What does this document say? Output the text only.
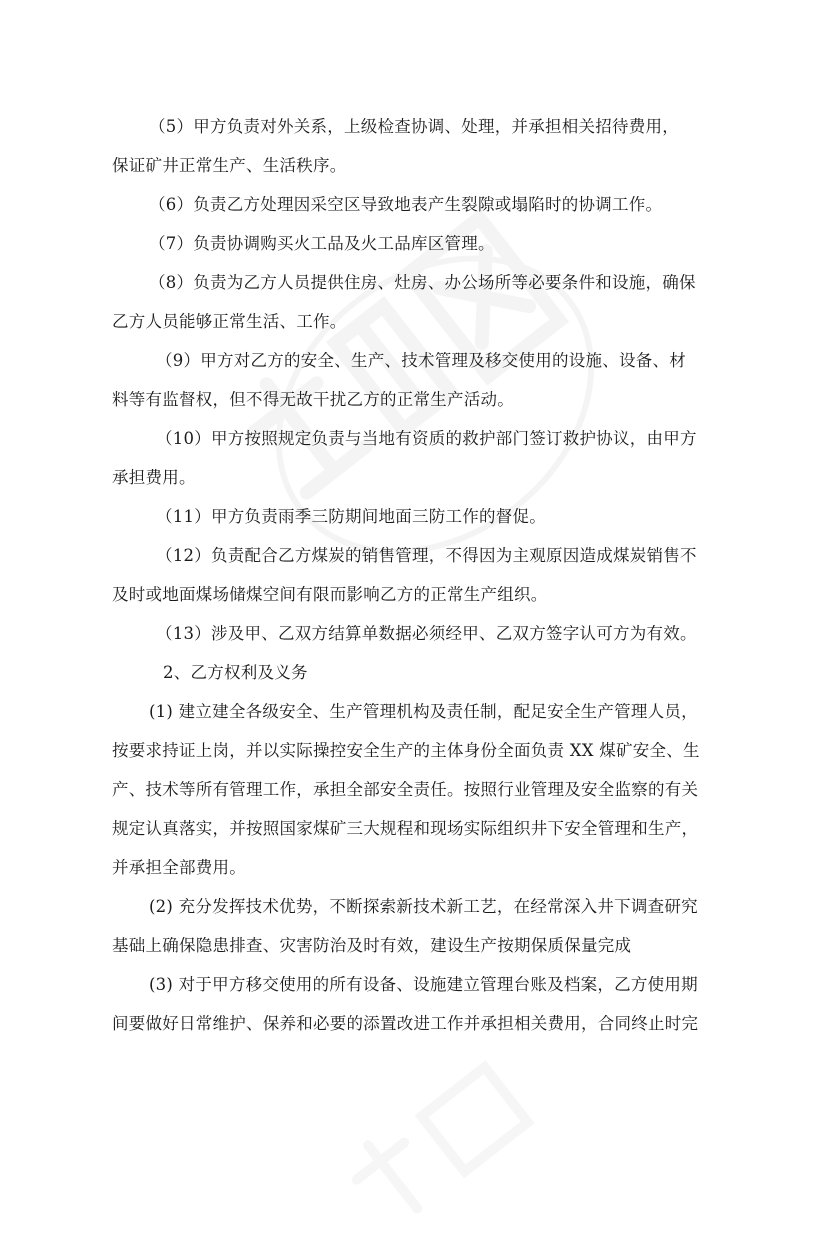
（5）甲方负责对外关系，上级检查协调、处理，并承担相关招待费用，
保证矿井正常生产、生活秩序。
（6）负责乙方处理因采空区导致地表产生裂隙或塌陷时的协调工作。
（7）负责协调购买火工品及火工品库区管理。
（8）负责为乙方人员提供住房、灶房、办公场所等必要条件和设施，确保
乙方人员能够正常生活、工作。
（9）甲方对乙方的安全、生产、技术管理及移交使用的设施、设备、材
料等有监督权，但不得无故干扰乙方的正常生产活动。
（10）甲方按照规定负责与当地有资质的救护部门签订救护协议，由甲方
承担费用。
（11）甲方负责雨季三防期间地面三防工作的督促。
（12）负责配合乙方煤炭的销售管理，不得因为主观原因造成煤炭销售不
及时或地面煤场储煤空间有限而影响乙方的正常生产组织。
（13）涉及甲、乙双方结算单数据必须经甲、乙双方签字认可方为有效。
2、乙方权利及义务
(1) 建立建全各级安全、生产管理机构及责任制，配足安全生产管理人员，
按要求持证上岗，并以实际操控安全生产的主体身份全面负责 XX 煤矿安全、生
产、技术等所有管理工作，承担全部安全责任。按照行业管理及安全监察的有关
规定认真落实，并按照国家煤矿三大规程和现场实际组织井下安全管理和生产，
并承担全部费用。
(2) 充分发挥技术优势，不断探索新技术新工艺，在经常深入井下调查研究
基础上确保隐患排查、灾害防治及时有效，建设生产按期保质保量完成
(3) 对于甲方移交使用的所有设备、设施建立管理台账及档案，乙方使用期
间要做好日常维护、保养和必要的添置改进工作并承担相关费用，合同终止时完
